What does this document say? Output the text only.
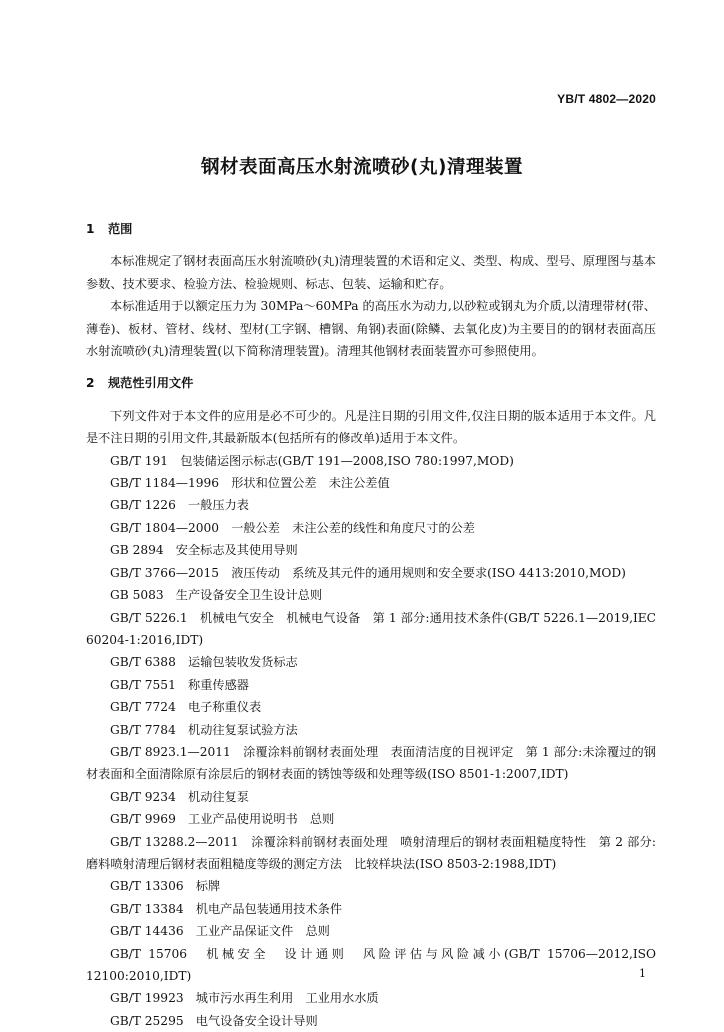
YB/T 4802—2020
钢材表面高压水射流喷砂(丸)清理装置

1 范围

本标准规定了钢材表面高压水射流喷砂(丸)清理装置的术语和定义、类型、构成、型号、原理图与基本参数、技术要求、检验方法、检验规则、标志、包装、运输和贮存。

本标准适用于以额定压力为 30MPa～60MPa 的高压水为动力,以砂粒或钢丸为介质,以清理带材(带、薄卷)、板材、管材、线材、型材(工字钢、槽钢、角钢)表面(除鳞、去氧化皮)为主要目的的钢材表面高压水射流喷砂(丸)清理装置(以下简称清理装置)。清理其他钢材表面装置亦可参照使用。

2 规范性引用文件

下列文件对于本文件的应用是必不可少的。凡是注日期的引用文件,仅注日期的版本适用于本文件。凡是不注日期的引用文件,其最新版本(包括所有的修改单)适用于本文件。

GB/T 191　包装储运图示标志(GB/T 191—2008,ISO 780:1997,MOD)

GB/T 1184—1996　形状和位置公差　未注公差值

GB/T 1226　一般压力表

GB/T 1804—2000　一般公差　未注公差的线性和角度尺寸的公差

GB 2894　安全标志及其使用导则

GB/T 3766—2015　液压传动　系统及其元件的通用规则和安全要求(ISO 4413:2010,MOD)

GB 5083　生产设备安全卫生设计总则

GB/T 5226.1　机械电气安全　机械电气设备　第 1 部分:通用技术条件(GB/T 5226.1—2019,IEC 60204-1:2016,IDT)

GB/T 6388　运输包装收发货标志

GB/T 7551　称重传感器

GB/T 7724　电子称重仪表

GB/T 7784　机动往复泵试验方法

GB/T 8923.1—2011　涂覆涂料前钢材表面处理　表面清洁度的目视评定　第 1 部分:未涂覆过的钢材表面和全面清除原有涂层后的钢材表面的锈蚀等级和处理等级(ISO 8501-1:2007,IDT)

GB/T 9234　机动往复泵

GB/T 9969　工业产品使用说明书　总则

GB/T 13288.2—2011　涂覆涂料前钢材表面处理　喷射清理后的钢材表面粗糙度特性　第 2 部分:磨料喷射清理后钢材表面粗糙度等级的测定方法　比较样块法(ISO 8503-2:1988,IDT)

GB/T 13306　标牌

GB/T 13384　机电产品包装通用技术条件

GB/T 14436　工业产品保证文件　总则

GB/T 15706　机械安全　设计通则　风险评估与风险减小(GB/T 15706—2012,ISO 12100:2010,IDT)

GB/T 19923　城市污水再生利用　工业用水水质

GB/T 25295　电气设备安全设计导则

1
